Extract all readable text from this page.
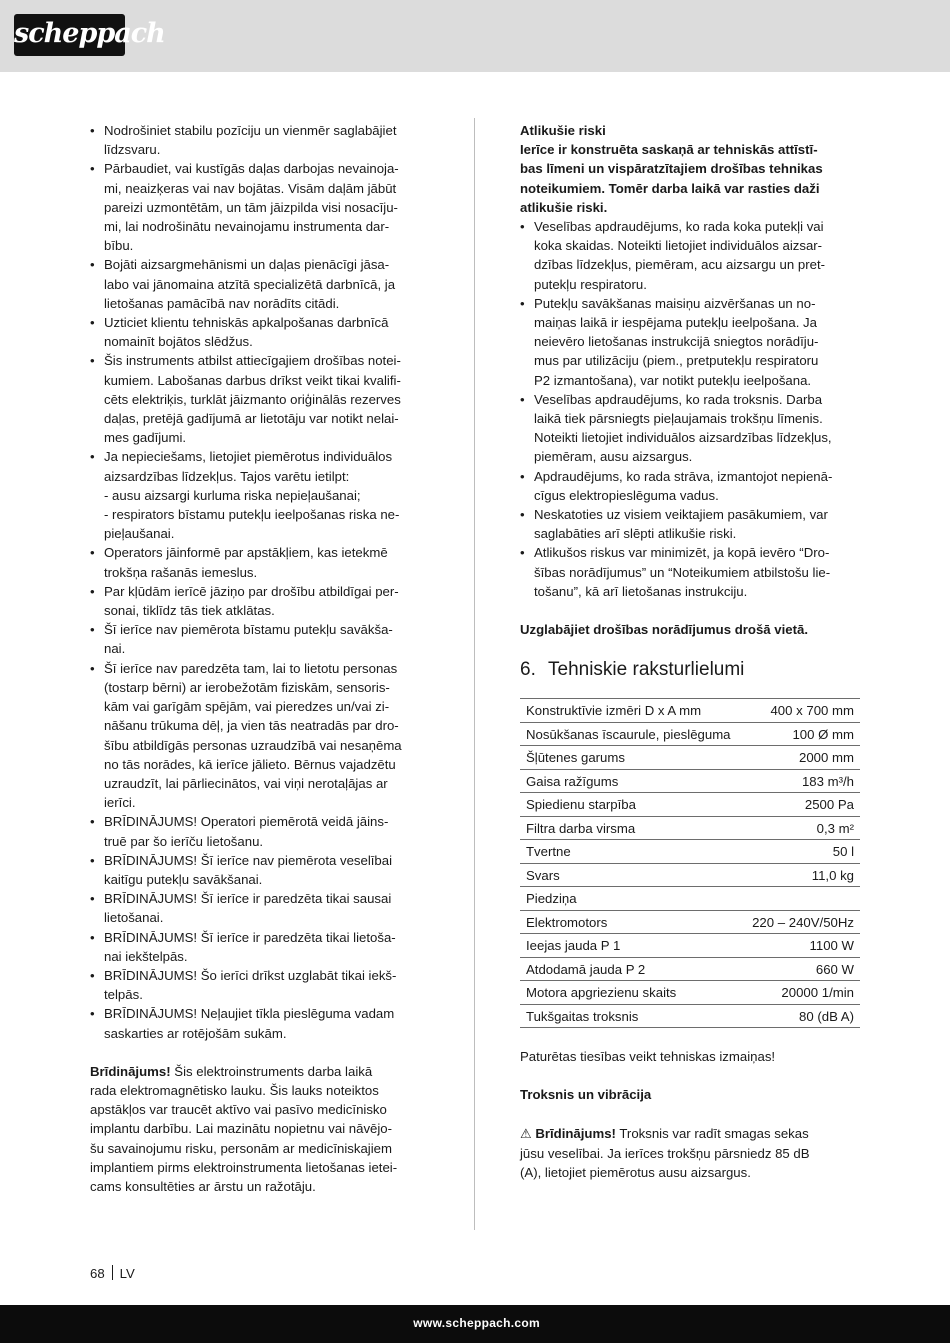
scheppach
• Nodrošiniet stabilu pozīciju un vienmēr saglabājiet
līdzsvaru.
• Pārbaudiet, vai kustīgās daļas darbojas nevainoja-
mi, neaizķeras vai nav bojātas. Visām daļām jābūt
pareizi uzmontētām, un tām jāizpilda visi nosacīju-
mi, lai nodrošinātu nevainojamu instrumenta dar-
bību.
• Bojāti aizsargmehānismi un daļas pienācīgi jāsa-
labo vai jānomaina atzītā specializētā darbnīcā, ja
lietošanas pamācībā nav norādīts citādi.
• Uzticiet klientu tehniskās apkalpošanas darbnīcā
nomainīt bojātos slēdžus.
• Šis instruments atbilst attiecīgajiem drošības notei-
kumiem. Labošanas darbus drīkst veikt tikai kvalifi-
cēts elektriķis, turklāt jāizmanto oriģinālās rezerves
daļas, pretējā gadījumā ar lietotāju var notikt nelai-
mes gadījumi.
• Ja nepieciešams, lietojiet piemērotus individuālos
aizsardzības līdzekļus. Tajos varētu ietilpt:
- ausu aizsargi kurluma riska nepieļaušanai;
- respirators bīstamu putekļu ieelpošanas riska ne-
pieļaušanai.
• Operators jāinformē par apstākļiem, kas ietekmē
trokšņa rašanās iemeslus.
• Par kļūdām ierīcē jāziņo par drošību atbildīgai per-
sonai, tiklīdz tās tiek atklātas.
• Šī ierīce nav piemērota bīstamu putekļu savākša-
nai.
• Šī ierīce nav paredzēta tam, lai to lietotu personas
(tostarp bērni) ar ierobežotām fiziskām, sensoris-
kām vai garīgām spējām, vai pieredzes un/vai zi-
nāšanu trūkuma dēļ, ja vien tās neatradās par dro-
šību atbildīgās personas uzraudzībā vai nesaņēma
no tās norādes, kā ierīce jālieto. Bērnus vajadzētu
uzraudzīt, lai pārliecinātos, vai viņi nerotaļājas ar
ierīci.
• BRĪDINĀJUMS! Operatori piemērotā veidā jāins-
truē par šo ierīču lietošanu.
• BRĪDINĀJUMS! Šī ierīce nav piemērota veselībai
kaitīgu putekļu savākšanai.
• BRĪDINĀJUMS! Šī ierīce ir paredzēta tikai sausai
lietošanai.
• BRĪDINĀJUMS! Šī ierīce ir paredzēta tikai lietoša-
nai iekštelpās.
• BRĪDINĀJUMS! Šo ierīci drīkst uzglabāt tikai iekš-
telpās.
• BRĪDINĀJUMS! Neļaujiet tīkla pieslēguma vadam
saskarties ar rotējošām sukām.

Brīdinājums! Šis elektroinstruments darba laikā
rada elektromagnētisko lauku. Šis lauks noteiktos
apstākļos var traucēt aktīvo vai pasīvo medicīnisko
implantu darbību. Lai mazinātu nopietnu vai nāvējo-
šu savainojumu risku, personām ar medicīniskajiem
implantiem pirms elektroinstrumenta lietošanas ietei-
cams konsultēties ar ārstu un ražotāju.

Atlikušie riski
Ierīce ir konstruēta saskaņā ar tehniskās attīstī-
bas līmeni un vispāratzītajiem drošības tehnikas
noteikumiem. Tomēr darba laikā var rasties daži
atlikušie riski.
• Veselības apdraudējums, ko rada koka putekļi vai
koka skaidas. Noteikti lietojiet individuālos aizsar-
dzības līdzekļus, piemēram, acu aizsargu un pret-
putekļu respiratoru.
• Putekļu savākšanas maisiņu aizvēršanas un no-
maiņas laikā ir iespējama putekļu ieelpošana. Ja
neievēro lietošanas instrukcijā sniegtos norādīju-
mus par utilizāciju (piem., pretputekļu respiratoru
P2 izmantošana), var notikt putekļu ieelpošana.
• Veselības apdraudējums, ko rada troksnis. Darba
laikā tiek pārsniegts pieļaujamais trokšņu līmenis.
Noteikti lietojiet individuālos aizsardzības līdzekļus,
piemēram, ausu aizsargus.
• Apdraudējums, ko rada strāva, izmantojot nepienā-
cīgus elektropieslēguma vadus.
• Neskatoties uz visiem veiktajiem pasākumiem, var
saglabāties arī slēpti atlikušie riski.
• Atlikušos riskus var minimizēt, ja kopā ievēro “Dro-
šības norādījumus” un “Noteikumiem atbilstošu lie-
tošanu”, kā arī lietošanas instrukciju.
Uzglabājiet drošības norādījumus drošā vietā.
6. Tehniskie raksturlielumi
Konstruktīvie izmēri D x A mm	400 x 700 mm
Nosūkšanas īscaurule, pieslēguma	100 Ø mm
Šļūtenes garums	2000 mm
Gaisa ražīgums	183 m³/h
Spiedienu starpība	2500 Pa
Filtra darba virsma	0,3 m²
Tvertne	50 l
Svars	11,0 kg
Piedziņa	
Elektromotors	220 – 240V/50Hz
Ieejas jauda P 1	1100 W
Atdodamā jauda P 2	660 W
Motora apgriezienu skaits	20000 1/min
Tukšgaitas troksnis	80 (dB A)
Paturētas tiesības veikt tehniskas izmaiņas!
Troksnis un vibrācija

⚠ Brīdinājums! Troksnis var radīt smagas sekas
jūsu veselībai. Ja ierīces trokšņu pārsniedz 85 dB
(A), lietojiet piemērotus ausu aizsargus.

68 LV
www.scheppach.com
